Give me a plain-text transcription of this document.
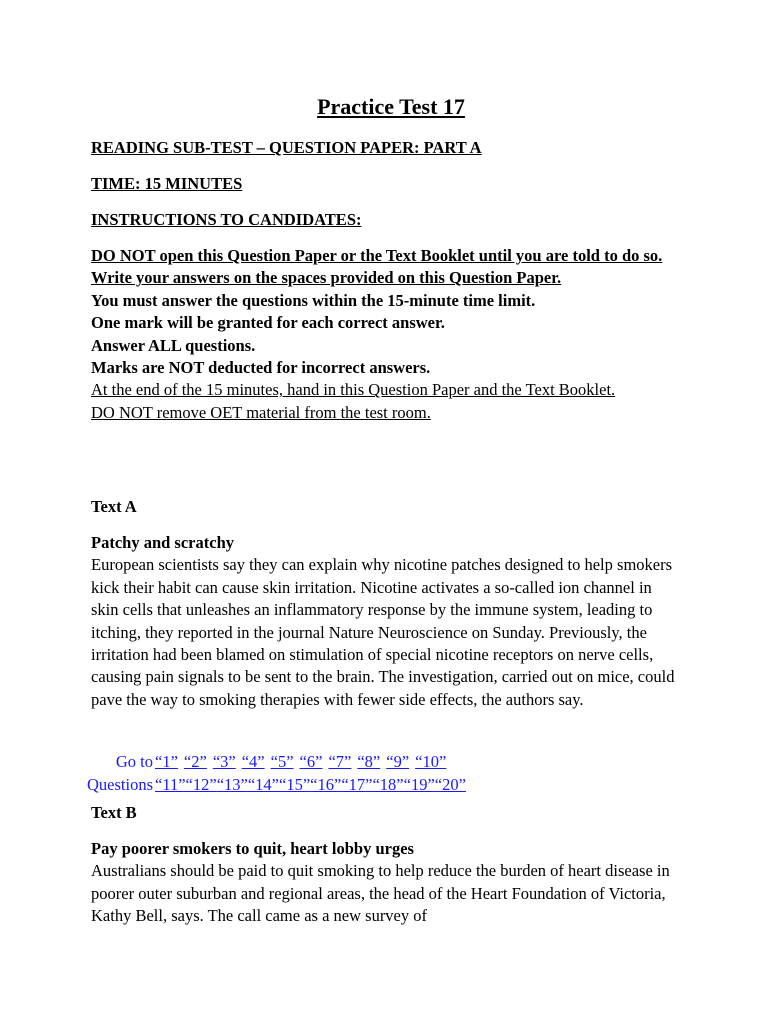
Practice Test 17
READING SUB-TEST – QUESTION PAPER: PART A
TIME: 15 MINUTES
INSTRUCTIONS TO CANDIDATES:
DO NOT open this Question Paper or the Text Booklet until you are told to do so.
Write your answers on the spaces provided on this Question Paper.
You must answer the questions within the 15-minute time limit.
One mark will be granted for each correct answer.
Answer ALL questions.
Marks are NOT deducted for incorrect answers.
At the end of the 15 minutes, hand in this Question Paper and the Text Booklet.
DO NOT remove OET material from the test room.
Text A
Patchy and scratchy
European scientists say they can explain why nicotine patches designed to help smokers kick their habit can cause skin irritation. Nicotine activates a so-called ion channel in skin cells that unleashes an inflammatory response by the immune system, leading to itching, they reported in the journal Nature Neuroscience on Sunday. Previously, the irritation had been blamed on stimulation of special nicotine receptors on nerve cells, causing pain signals to be sent to the brain. The investigation, carried out on mice, could pave the way to smoking therapies with fewer side effects, the authors say.
Text B
Pay poorer smokers to quit, heart lobby urges
Australians should be paid to quit smoking to help reduce the burden of heart disease in poorer outer suburban and regional areas, the head of the Heart Foundation of Victoria, Kathy Bell, says. The call came as a new survey of
Go to
Questions
“1” “2” “3” “4” “5” “6” “7” “8” “9” “10”
“11”“12”“13”“14”“15”“16”“17”“18”“19”“20”
